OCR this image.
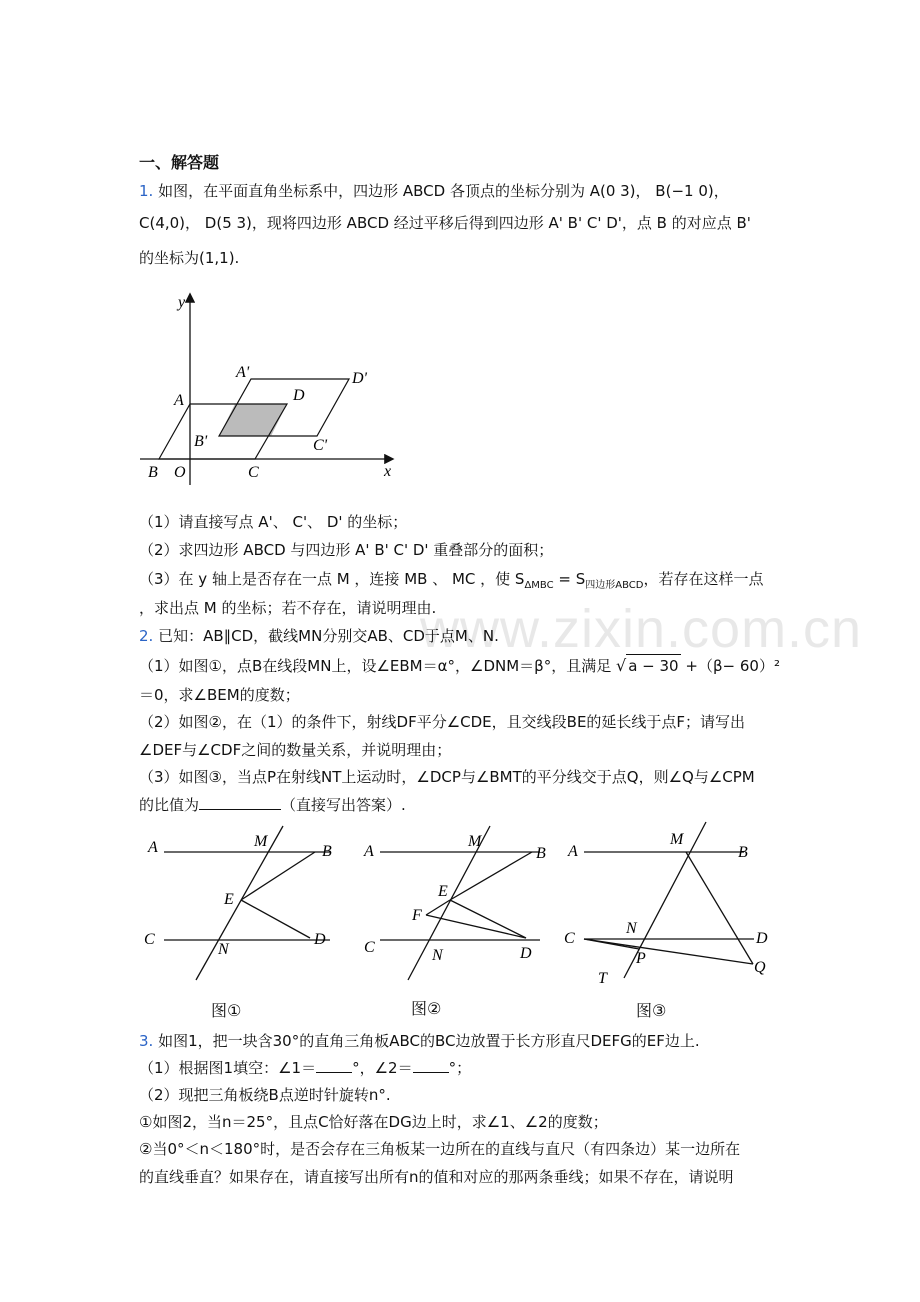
www.zixin.com.cn
一、解答题
1. 如图，在平面直角坐标系中，四边形 ABCD 各顶点的坐标分别为 A(0 3)， B(−1 0)，
C(4,0)， D(5 3)，现将四边形 ABCD 经过平移后得到四边形 A' B' C' D'，点 B 的对应点 B'
的坐标为(1,1).
y
x
O
A
B	C
D
A'
B'	C'
D'
（1）请直接写点 A'、 C'、 D' 的坐标；
（2）求四边形 ABCD 与四边形 A' B' C' D' 重叠部分的面积；
（3）在 y 轴上是否存在一点 M ，连接 MB 、 MC ，使 $S_{\Delta MBC} = S_{四边形ABCD}$，若存在这样一点
，求出点 M 的坐标；若不存在，请说明理由.
2. 已知：AB∥CD，截线MN分别交AB、CD于点M、N.
（1）如图①，点B在线段MN上，设∠EBM＝α°，∠DNM＝β°，且满足 √ a − 30 +（β− 60）²
＝0，求∠BEM的度数；
（2）如图②，在（1）的条件下，射线DF平分∠CDE，且交线段BE的延长线于点F；请写出
∠DEF与∠CDF之间的数量关系，并说明理由；
（3）如图③，当点P在射线NT上运动时，∠DCP与∠BMT的平分线交于点Q，则∠Q与∠CPM
的比值为	（直接写出答案）.
A	M
B
E
C
N
D
图①
A
M
B
E
F
C	N	D
图②
A
M
B
N
C	D
P
Q
T
图③
3. 如图1，把一块含30°的直角三角板ABC的BC边放置于长方形直尺DEFG的EF边上.
（1）根据图1填空：∠1＝ °，∠2＝ °；
（2）现把三角板绕B点逆时针旋转n°.
①如图2，当n＝25°，且点C恰好落在DG边上时，求∠1、∠2的度数；
②当0°＜n＜180°时，是否会存在三角板某一边所在的直线与直尺（有四条边）某一边所在
的直线垂直？如果存在，请直接写出所有n的值和对应的那两条垂线；如果不存在，请说明
